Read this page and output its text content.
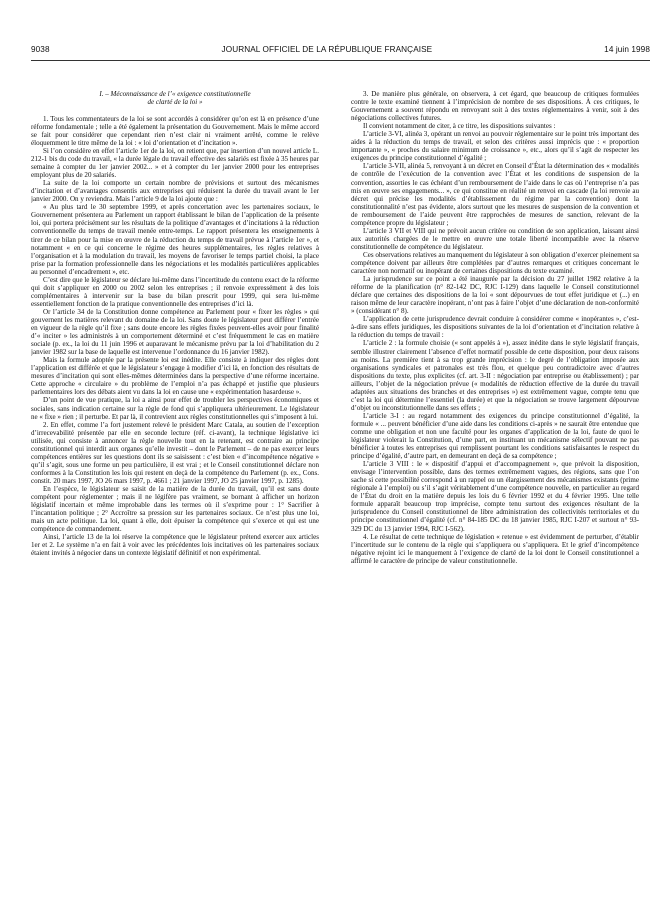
9038	JOURNAL OFFICIEL DE LA RÉPUBLIQUE FRANÇAISE	14 juin 1998

I. – Méconnaissance de l’« exigence constitutionnelle
de clarté de la loi »

1. Tous les commentateurs de la loi se sont accordés à considérer qu’on est là en présence d’une réforme fondamentale ; telle a été également la présentation du Gouvernement. Mais le même accord se fait pour considérer que cependant rien n’est clair ni vraiment arrêté, comme le relève éloquemment le titre même de la loi : « loi d’orientation et d’incitation ».

Si l’on considère en effet l’article 1er de la loi, on retient que, par insertion d’un nouvel article L. 212-1 bis du code du travail, « la durée légale du travail effective des salariés est fixée à 35 heures par semaine à compter du 1er janvier 2002... » et à compter du 1er janvier 2000 pour les entreprises employant plus de 20 salariés.

La suite de la loi comporte un certain nombre de prévisions et surtout des mécanismes d’incitation et d’avantages consentis aux entreprises qui réduisent la durée du travail avant le 1er janvier 2000. On y reviendra. Mais l’article 9 de la loi ajoute que :

« Au plus tard le 30 septembre 1999, et après concertation avec les partenaires sociaux, le Gouvernement présentera au Parlement un rapport établissant le bilan de l’application de la présente loi, qui portera précisément sur les résultats de la politique d’avantages et d’incitations à la réduction conventionnelle du temps de travail menée entre-temps. Le rapport présentera les enseignements à tirer de ce bilan pour la mise en œuvre de la réduction du temps de travail prévue à l’article 1er », et notamment « en ce qui concerne le régime des heures supplémentaires, les règles relatives à l’organisation et à la modulation du travail, les moyens de favoriser le temps partiel choisi, la place prise par la formation professionnelle dans les négociations et les modalités particulières applicables au personnel d’encadrement », etc.

C’est dire que le législateur se déclare lui-même dans l’incertitude du contenu exact de la réforme qui doit s’appliquer en 2000 ou 2002 selon les entreprises ; il renvoie expressément à des lois complémentaires à intervenir sur la base du bilan prescrit pour 1999, qui sera lui-même essentiellement fonction de la pratique conventionnelle des entreprises d’ici là.

Or l’article 34 de la Constitution donne compétence au Parlement pour « fixer les règles » qui gouvernent les matières relevant du domaine de la loi. Sans doute le législateur peut différer l’entrée en vigueur de la règle qu’il fixe ; sans doute encore les règles fixées peuvent-elles avoir pour finalité d’« inciter » les administrés à un comportement déterminé et c’est fréquemment le cas en matière sociale (p. ex., la loi du 11 juin 1996 et auparavant le mécanisme prévu par la loi d’habilitation du 2 janvier 1982 sur la base de laquelle est intervenue l’ordonnance du 16 janvier 1982).

Mais la formule adoptée par la présente loi est inédite. Elle consiste à indiquer des règles dont l’application est différée et que le législateur s’engage à modifier d’ici là, en fonction des résultats de mesures d’incitation qui sont elles-mêmes déterminées dans la perspective d’une réforme incertaine. Cette approche « circulaire » du problème de l’emploi n’a pas échappé et justifie que plusieurs parlementaires lors des débats aient vu dans la loi en cause une « expérimentation hasardeuse ».

D’un point de vue pratique, la loi a ainsi pour effet de troubler les perspectives économiques et sociales, sans indication certaine sur la règle de fond qui s’appliquera ultérieurement. Le législateur ne « fixe » rien ; il perturbe. Et par là, il contrevient aux règles constitutionnelles qui s’imposent à lui.

2. En effet, comme l’a fort justement relevé le président Marc Catala, au soutien de l’exception d’irrecevabilité présentée par elle en seconde lecture (réf. ci-avant), la technique législative ici utilisée, qui consiste à annoncer la règle nouvelle tout en la retenant, est contraire au principe constitutionnel qui interdit aux organes qu’elle investit – dont le Parlement – de ne pas exercer leurs compétences entières sur les questions dont ils se saisissent : c’est bien « d’incompétence négative » qu’il s’agit, sous une forme un peu particulière, il est vrai ; et le Conseil constitutionnel déclare non conformes à la Constitution les lois qui restent en deçà de la compétence du Parlement (p. ex., Cons. constit. 20 mars 1997, JO 26 mars 1997, p. 4661 ; 21 janvier 1997, JO 25 janvier 1997, p. 1285).

En l’espèce, le législateur se saisit de la matière de la durée du travail, qu’il est sans doute compétent pour réglementer ; mais il ne légifère pas vraiment, se bornant à afficher un horizon législatif incertain et même improbable dans les termes où il s’exprime pour : 1° Sacrifier à l’incantation politique ; 2° Accroître sa pression sur les partenaires sociaux. Ce n’est plus une loi, mais un acte politique. La loi, quant à elle, doit épuiser la compétence qui s’exerce et qui est une compétence de commandement.

Ainsi, l’article 13 de la loi réserve la compétence que le législateur prétend exercer aux articles 1er et 2. Le système n’a en fait à voir avec les précédentes lois incitatives où les partenaires sociaux étaient invités à négocier dans un contexte législatif définitif et non expérimental.

3. De manière plus générale, on observera, à cet égard, que beaucoup de critiques formulées contre le texte examiné tiennent à l’imprécision de nombre de ses dispositions. À ces critiques, le Gouvernement a souvent répondu en renvoyant soit à des textes réglementaires à venir, soit à des négociations collectives futures.

Il convient notamment de citer, à ce titre, les dispositions suivantes :

L’article 3-VI, alinéa 3, opérant un renvoi au pouvoir réglementaire sur le point très important des aides à la réduction du temps de travail, et selon des critères aussi imprécis que : « proportion importante », « proches du salaire minimum de croissance », etc., alors qu’il s’agit de respecter les exigences du principe constitutionnel d’égalité ;

L’article 3-VII, alinéa 5, renvoyant à un décret en Conseil d’État la détermination des « modalités de contrôle de l’exécution de la convention avec l’État et les conditions de suspension de la convention, assorties le cas échéant d’un remboursement de l’aide dans le cas où l’entreprise n’a pas mis en œuvre ses engagements... », ce qui constitue en réalité un renvoi en cascade (la loi renvoie au décret qui précise les modalités d’établissement du régime par la convention) dont la constitutionnalité n’est pas évidente, alors surtout que les mesures de suspension de la convention et de remboursement de l’aide peuvent être rapprochées de mesures de sanction, relevant de la compétence propre du législateur ;

L’article 3 VII et VIII qui ne prévoit aucun critère ou condition de son application, laissant ainsi aux autorités chargées de le mettre en œuvre une totale liberté incompatible avec la réserve constitutionnelle de compétence du législateur.

Ces observations relatives au manquement du législateur à son obligation d’exercer pleinement sa compétence doivent par ailleurs être complétées par d’autres remarques et critiques concernant le caractère non normatif ou inopérant de certaines dispositions du texte examiné.

La jurisprudence sur ce point a été inaugurée par la décision du 27 juillet 1982 relative à la réforme de la planification (n° 82-142 DC, RJC I-129) dans laquelle le Conseil constitutionnel déclare que certaines des dispositions de la loi « sont dépourvues de tout effet juridique et (...) en raison même de leur caractère inopérant, n’ont pas à faire l’objet d’une déclaration de non-conformité » (considérant n° 8).

L’application de cette jurisprudence devrait conduire à considérer comme « inopérantes », c’est-à-dire sans effets juridiques, les dispositions suivantes de la loi d’orientation et d’incitation relative à la réduction du temps de travail :

L’article 2 : la formule choisie (« sont appelés à »), assez inédite dans le style législatif français, semble illustrer clairement l’absence d’effet normatif possible de cette disposition, pour deux raisons au moins. La première tient à sa trop grande imprécision : le degré de l’obligation imposée aux organisations syndicales et patronales est très flou, et quelque peu contradictoire avec d’autres dispositions du texte, plus explicites (cf. art. 3-II : négociation par entreprise ou établissement) ; par ailleurs, l’objet de la négociation prévue (« modalités de réduction effective de la durée du travail adaptées aux situations des branches et des entreprises ») est extrêmement vague, compte tenu que c’est la loi qui détermine l’essentiel (la durée) et que la négociation se trouve largement dépourvue d’objet ou inconstitutionnelle dans ses effets ;

L’article 3-I : au regard notamment des exigences du principe constitutionnel d’égalité, la formule « ... peuvent bénéficier d’une aide dans les conditions ci-après » ne saurait être entendue que comme une obligation et non une faculté pour les organes d’application de la loi, faute de quoi le législateur violerait la Constitution, d’une part, en instituant un mécanisme sélectif pouvant ne pas bénéficier à toutes les entreprises qui remplissent pourtant les conditions satisfaisantes le respect du principe d’égalité, d’autre part, en demeurant en deçà de sa compétence ;

L’article 3 VIII : le « dispositif d’appui et d’accompagnement », que prévoit la disposition, envisage l’intervention possible, dans des termes extrêmement vagues, des régions, sans que l’on sache si cette possibilité correspond à un rappel ou un élargissement des mécanismes existants (prime régionale à l’emploi) ou s’il s’agit véritablement d’une compétence nouvelle, en particulier au regard de l’État du droit en la matière depuis les lois du 6 février 1992 et du 4 février 1995. Une telle formule apparaît beaucoup trop imprécise, compte tenu surtout des exigences résultant de la jurisprudence du Conseil constitutionnel de libre administration des collectivités territoriales et du principe constitutionnel d’égalité (cf. n° 84-185 DC du 18 janvier 1985, RJC I-207 et surtout n° 93-329 DC du 13 janvier 1994, RJC I-562).

4. Le résultat de cette technique de législation « retenue » est évidemment de perturber, d’établir l’incertitude sur le contenu de la règle qui s’appliquera ou s’appliquera. Et le grief d’incompétence négative rejoint ici le manquement à l’exigence de clarté de la loi dont le Conseil constitutionnel a affirmé le caractère de principe de valeur constitutionnelle.
